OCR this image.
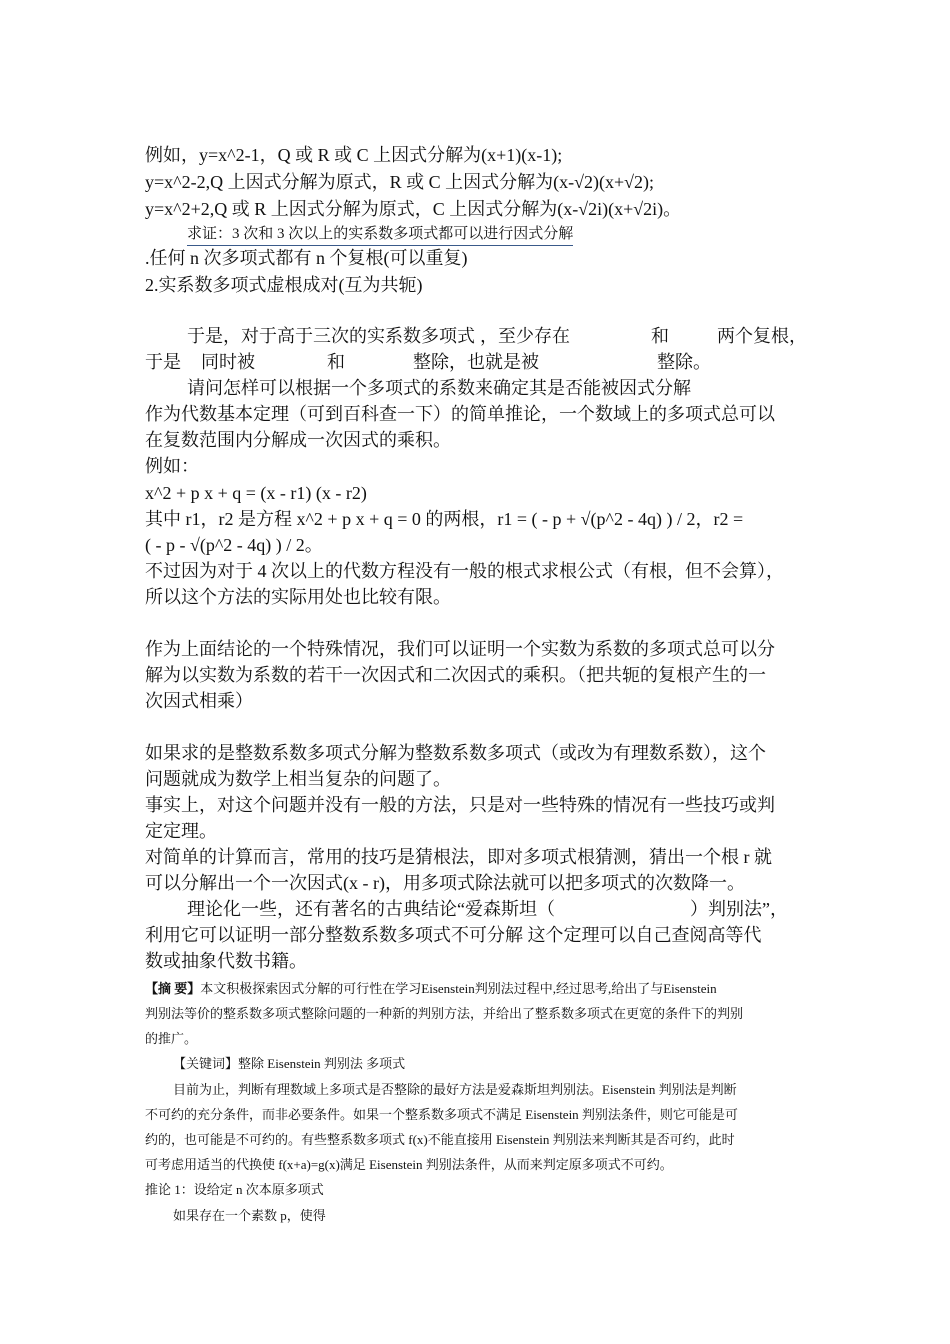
例如，y=x^2-1，Q 或 R 或 C 上因式分解为(x+1)(x-1);
y=x^2-2,Q 上因式分解为原式，R 或 C 上因式分解为(x-√2)(x+√2);
y=x^2+2,Q 或 R 上因式分解为原式，C 上因式分解为(x-√2i)(x+√2i)。
求证：3 次和 3 次以上的实系数多项式都可以进行因式分解
.任何 n 次多项式都有 n 个复根(可以重复)
2.实系数多项式虚根成对(互为共轭)
于是，对于高于三次的实系数多项式 ，至少存在	和	两个复根，
于是 同时被	和	整除，也就是被	整除。
请问怎样可以根据一个多项式的系数来确定其是否能被因式分解
作为代数基本定理（可到百科查一下）的简单推论，一个数域上的多项式总可以
在复数范围内分解成一次因式的乘积。
例如：
x^2 + p x + q = (x - r1) (x - r2)
其中 r1，r2 是方程 x^2 + p x + q = 0 的两根，r1 = ( - p + √(p^2 - 4q) ) / 2，r2 =
( - p - √(p^2 - 4q) ) / 2。
不过因为对于 4 次以上的代数方程没有一般的根式求根公式（有根，但不会算），
所以这个方法的实际用处也比较有限。
作为上面结论的一个特殊情况，我们可以证明一个实数为系数的多项式总可以分
解为以实数为系数的若干一次因式和二次因式的乘积。（把共轭的复根产生的一
次因式相乘）
如果求的是整数系数多项式分解为整数系数多项式（或改为有理数系数），这个
问题就成为数学上相当复杂的问题了。
事实上，对这个问题并没有一般的方法，只是对一些特殊的情况有一些技巧或判
定定理。
对简单的计算而言，常用的技巧是猜根法，即对多项式根猜测，猜出一个根 r 就
可以分解出一个一次因式(x - r)，用多项式除法就可以把多项式的次数降一。
理论化一些，还有著名的古典结论“爱森斯坦（	）判别法”，
利用它可以证明一部分整数系数多项式不可分解 这个定理可以自己查阅高等代
数或抽象代数书籍。
【摘 要】本文积极探索因式分解的可行性在学习Eisenstein判别法过程中,经过思考,给出了与Eisenstein
判别法等价的整系数多项式整除问题的一种新的判别方法，并给出了整系数多项式在更宽的条件下的判别
的推广。
【关键词】整除 Eisenstein 判别法 多项式
目前为止，判断有理数域上多项式是否整除的最好方法是爱森斯坦判别法。Eisenstein 判别法是判断
不可约的充分条件，而非必要条件。如果一个整系数多项式不满足 Eisenstein 判别法条件，则它可能是可
约的，也可能是不可约的。有些整系数多项式 f(x)不能直接用 Eisenstein 判别法来判断其是否可约，此时
可考虑用适当的代换使 f(x+a)=g(x)满足 Eisenstein 判别法条件，从而来判定原多项式不可约。
推论 1：设给定 n 次本原多项式
如果存在一个素数 p，使得
